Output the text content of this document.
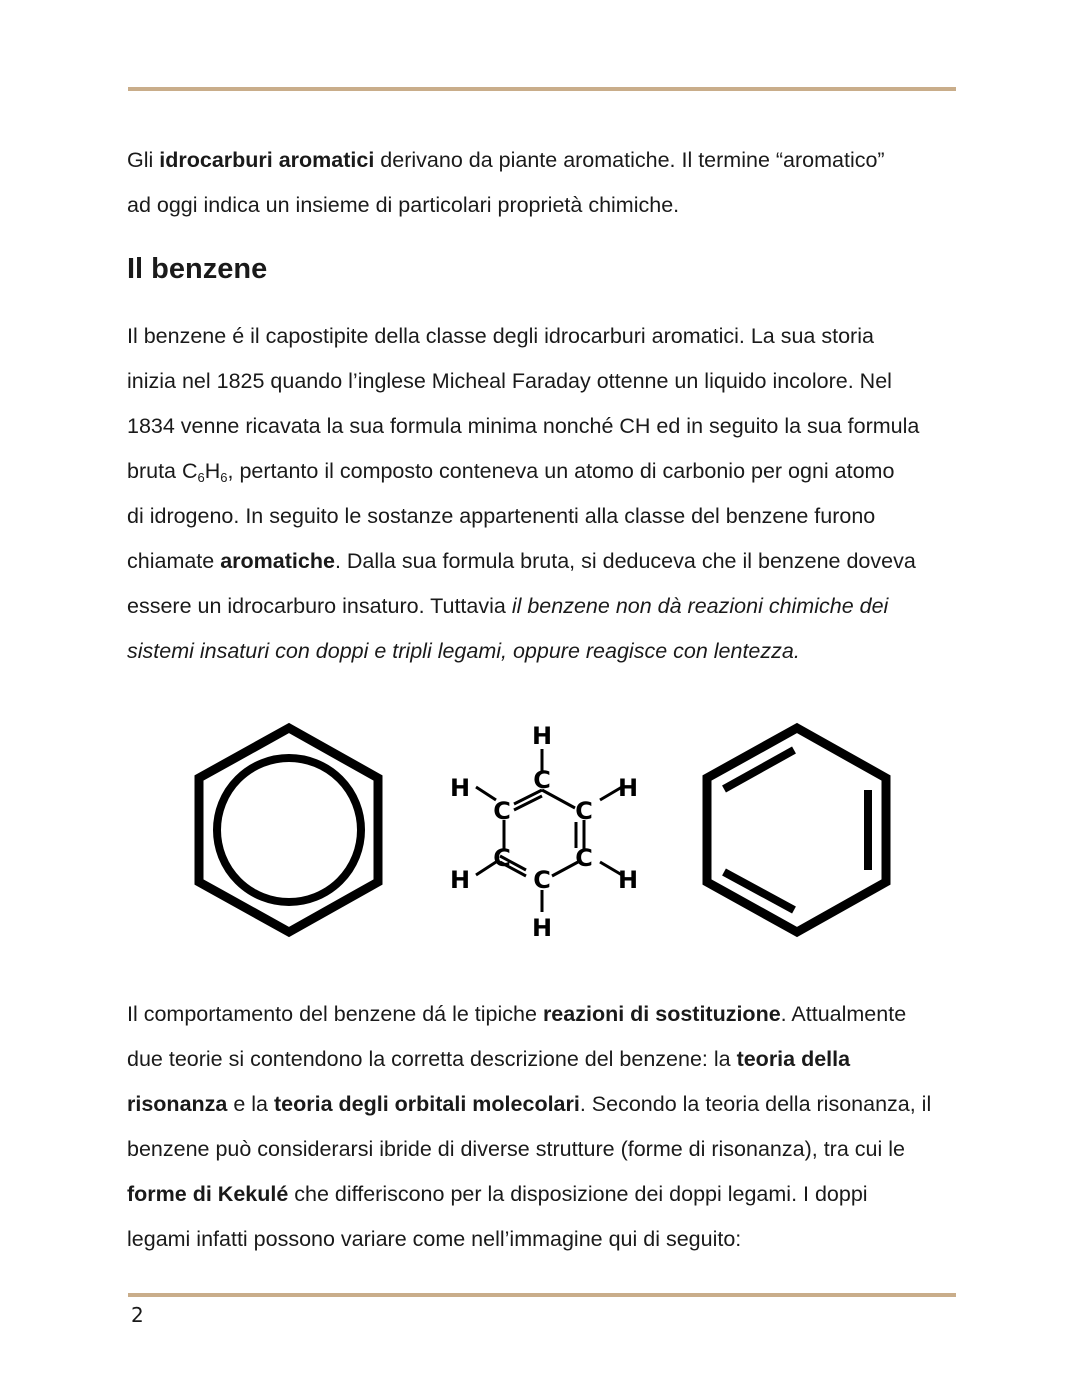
Gli idrocarburi aromatici derivano da piante aromatiche. Il termine “aromatico”
ad oggi indica un insieme di particolari proprietà chimiche.
Il benzene
Il benzene é il capostipite della classe degli idrocarburi aromatici. La sua storia
inizia nel 1825 quando l’inglese Micheal Faraday ottenne un liquido incolore. Nel
1834 venne ricavata la sua formula minima nonché CH ed in seguito la sua formula
bruta $C_6H_6$, pertanto il composto conteneva un atomo di carbonio per ogni atomo
di idrogeno. In seguito le sostanze appartenenti alla classe del benzene furono
chiamate aromatiche. Dalla sua formula bruta, si deduceva che il benzene doveva
essere un idrocarburo insaturo. Tuttavia il benzene non dà reazioni chimiche dei
sistemi insaturi con doppi e tripli legami, oppure reagisce con lentezza.
C
C	C
C	C
C
H
H	H
H	H
H
Il comportamento del benzene dá le tipiche reazioni di sostituzione. Attualmente
due teorie si contendono la corretta descrizione del benzene: la teoria della
risonanza e la teoria degli orbitali molecolari. Secondo la teoria della risonanza, il
benzene può considerarsi ibride di diverse strutture (forme di risonanza), tra cui le
forme di Kekulé che differiscono per la disposizione dei doppi legami. I doppi
legami infatti possono variare come nell’immagine qui di seguito:
2
